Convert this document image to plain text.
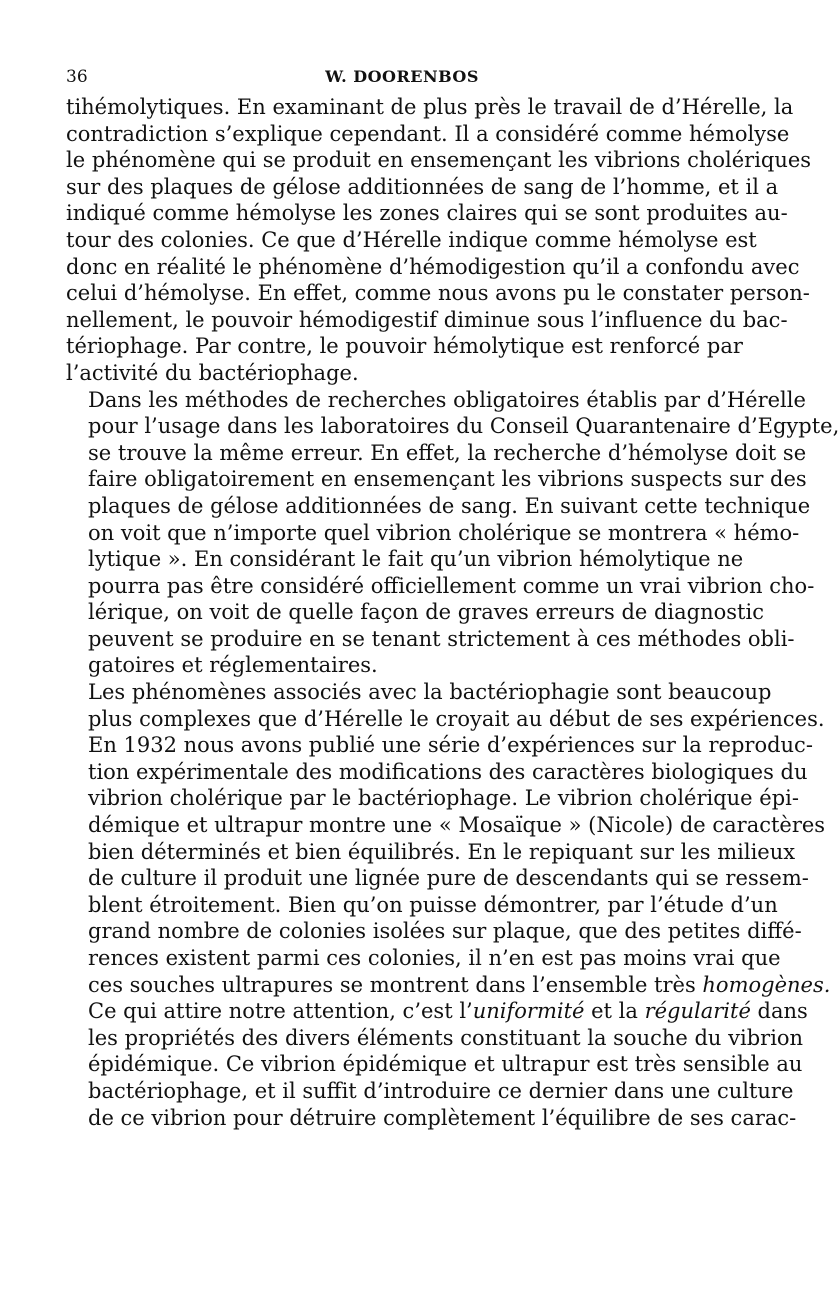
36	W. DOORENBOS
tihémolytiques. En examinant de plus près le travail de d’Hérelle, la
contradiction s’explique cependant. Il a considéré comme hémolyse
le phénomène qui se produit en ensemençant les vibrions cholériques
sur des plaques de gélose additionnées de sang de l’homme, et il a
indiqué comme hémolyse les zones claires qui se sont produites au-
tour des colonies. Ce que d’Hérelle indique comme hémolyse est
donc en réalité le phénomène d’hémodigestion qu’il a confondu avec
celui d’hémolyse. En effet, comme nous avons pu le constater person-
nellement, le pouvoir hémodigestif diminue sous l’influence du bac-
tériophage. Par contre, le pouvoir hémolytique est renforcé par
l’activité du bactériophage.
Dans les méthodes de recherches obligatoires établis par d’Hérelle
pour l’usage dans les laboratoires du Conseil Quarantenaire d’Egypte,
se trouve la même erreur. En effet, la recherche d’hémolyse doit se
faire obligatoirement en ensemençant les vibrions suspects sur des
plaques de gélose additionnées de sang. En suivant cette technique
on voit que n’importe quel vibrion cholérique se montrera « hémo-
lytique ». En considérant le fait qu’un vibrion hémolytique ne
pourra pas être considéré officiellement comme un vrai vibrion cho-
lérique, on voit de quelle façon de graves erreurs de diagnostic
peuvent se produire en se tenant strictement à ces méthodes obli-
gatoires et réglementaires.
Les phénomènes associés avec la bactériophagie sont beaucoup
plus complexes que d’Hérelle le croyait au début de ses expériences.
En 1932 nous avons publié une série d’expériences sur la reproduc-
tion expérimentale des modifications des caractères biologiques du
vibrion cholérique par le bactériophage. Le vibrion cholérique épi-
démique et ultrapur montre une « Mosaïque » (Nicole) de caractères
bien déterminés et bien équilibrés. En le repiquant sur les milieux
de culture il produit une lignée pure de descendants qui se ressem-
blent étroitement. Bien qu’on puisse démontrer, par l’étude d’un
grand nombre de colonies isolées sur plaque, que des petites diffé-
rences existent parmi ces colonies, il n’en est pas moins vrai que
ces souches ultrapures se montrent dans l’ensemble très homogènes.
Ce qui attire notre attention, c’est l’uniformité et la régularité dans
les propriétés des divers éléments constituant la souche du vibrion
épidémique. Ce vibrion épidémique et ultrapur est très sensible au
bactériophage, et il suffit d’introduire ce dernier dans une culture
de ce vibrion pour détruire complètement l’équilibre de ses carac-
